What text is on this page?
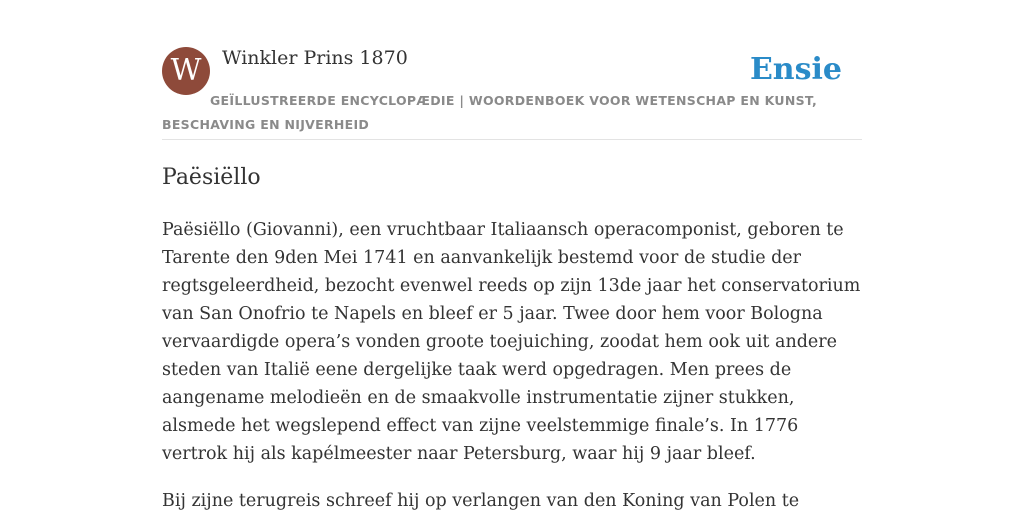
W	Winkler Prins 1870	Ensie
GEÏLLUSTREERDE ENCYCLOPÆDIE | WOORDENBOEK VOOR WETENSCHAP EN KUNST, BESCHAVING EN NIJVERHEID
Paësiëllo

Paësiëllo (Giovanni), een vruchtbaar Italiaansch operacomponist, geboren te Tarente den 9den Mei 1741 en aanvankelijk bestemd voor de studie der regtsgeleerdheid, bezocht evenwel reeds op zijn 13de jaar het conservatorium van San Onofrio te Napels en bleef er 5 jaar. Twee door hem voor Bologna vervaardigde opera’s vonden groote toejuiching, zoodat hem ook uit andere steden van Italië eene dergelijke taak werd opgedragen. Men prees de aangename melodieën en de smaakvolle instrumentatie zijner stukken, alsmede het wegslepend effect van zijne veelstemmige finale’s. In 1776 vertrok hij als kapélmeester naar Petersburg, waar hij 9 jaar bleef.

Bij zijne terugreis schreef hij op verlangen van den Koning van Polen te
